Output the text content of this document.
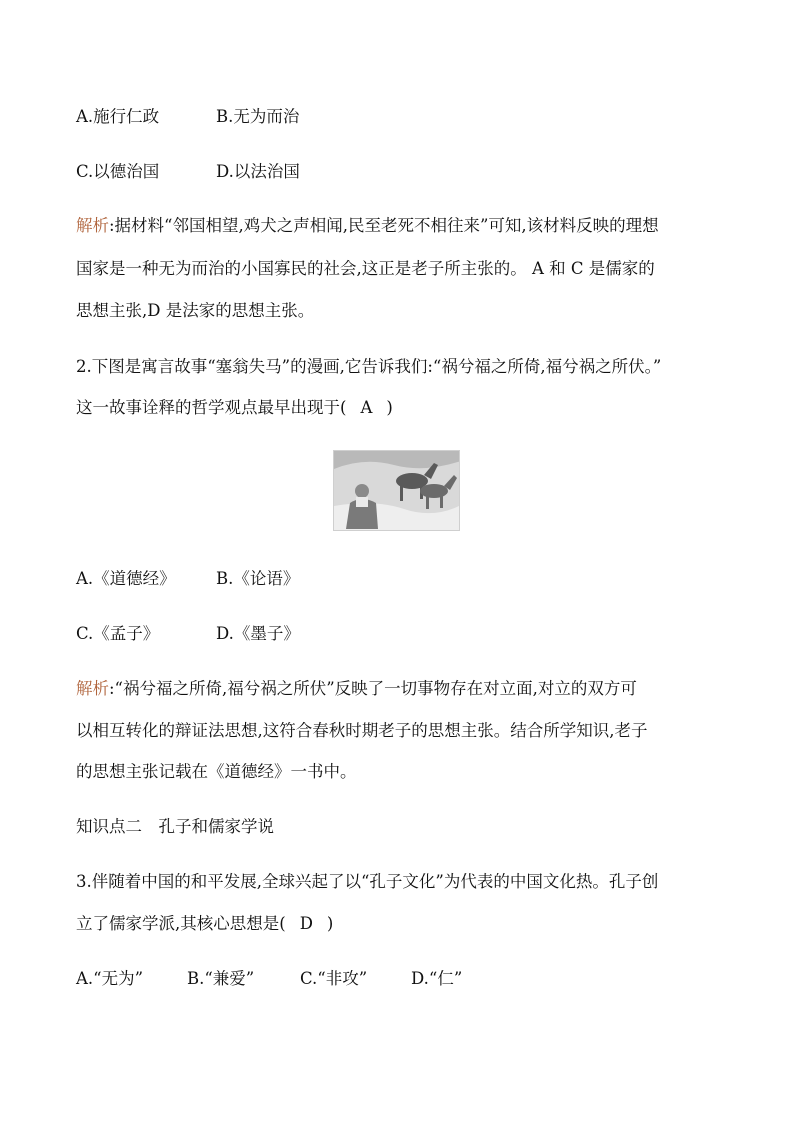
A.施行仁政	B.无为而治
C.以德治国	D.以法治国
解析:据材料“邻国相望,鸡犬之声相闻,民至老死不相往来”可知,该材料反映的理想
国家是一种无为而治的小国寡民的社会,这正是老子所主张的。 A 和 C 是儒家的
思想主张,D 是法家的思想主张。
2.下图是寓言故事“塞翁失马”的漫画,它告诉我们:“祸兮福之所倚,福兮祸之所伏。”
这一故事诠释的哲学观点最早出现于( A )
A.《道德经》 B.《论语》
C.《孟子》	D.《墨子》
解析:“祸兮福之所倚,福兮祸之所伏”反映了一切事物存在对立面,对立的双方可
以相互转化的辩证法思想,这符合春秋时期老子的思想主张。结合所学知识,老子
的思想主张记载在《道德经》一书中。
知识点二　孔子和儒家学说
3.伴随着中国的和平发展,全球兴起了以“孔子文化”为代表的中国文化热。孔子创
立了儒家学派,其核心思想是( D )
A.“无为”	B.“兼爱”	C.“非攻”	D.“仁”
